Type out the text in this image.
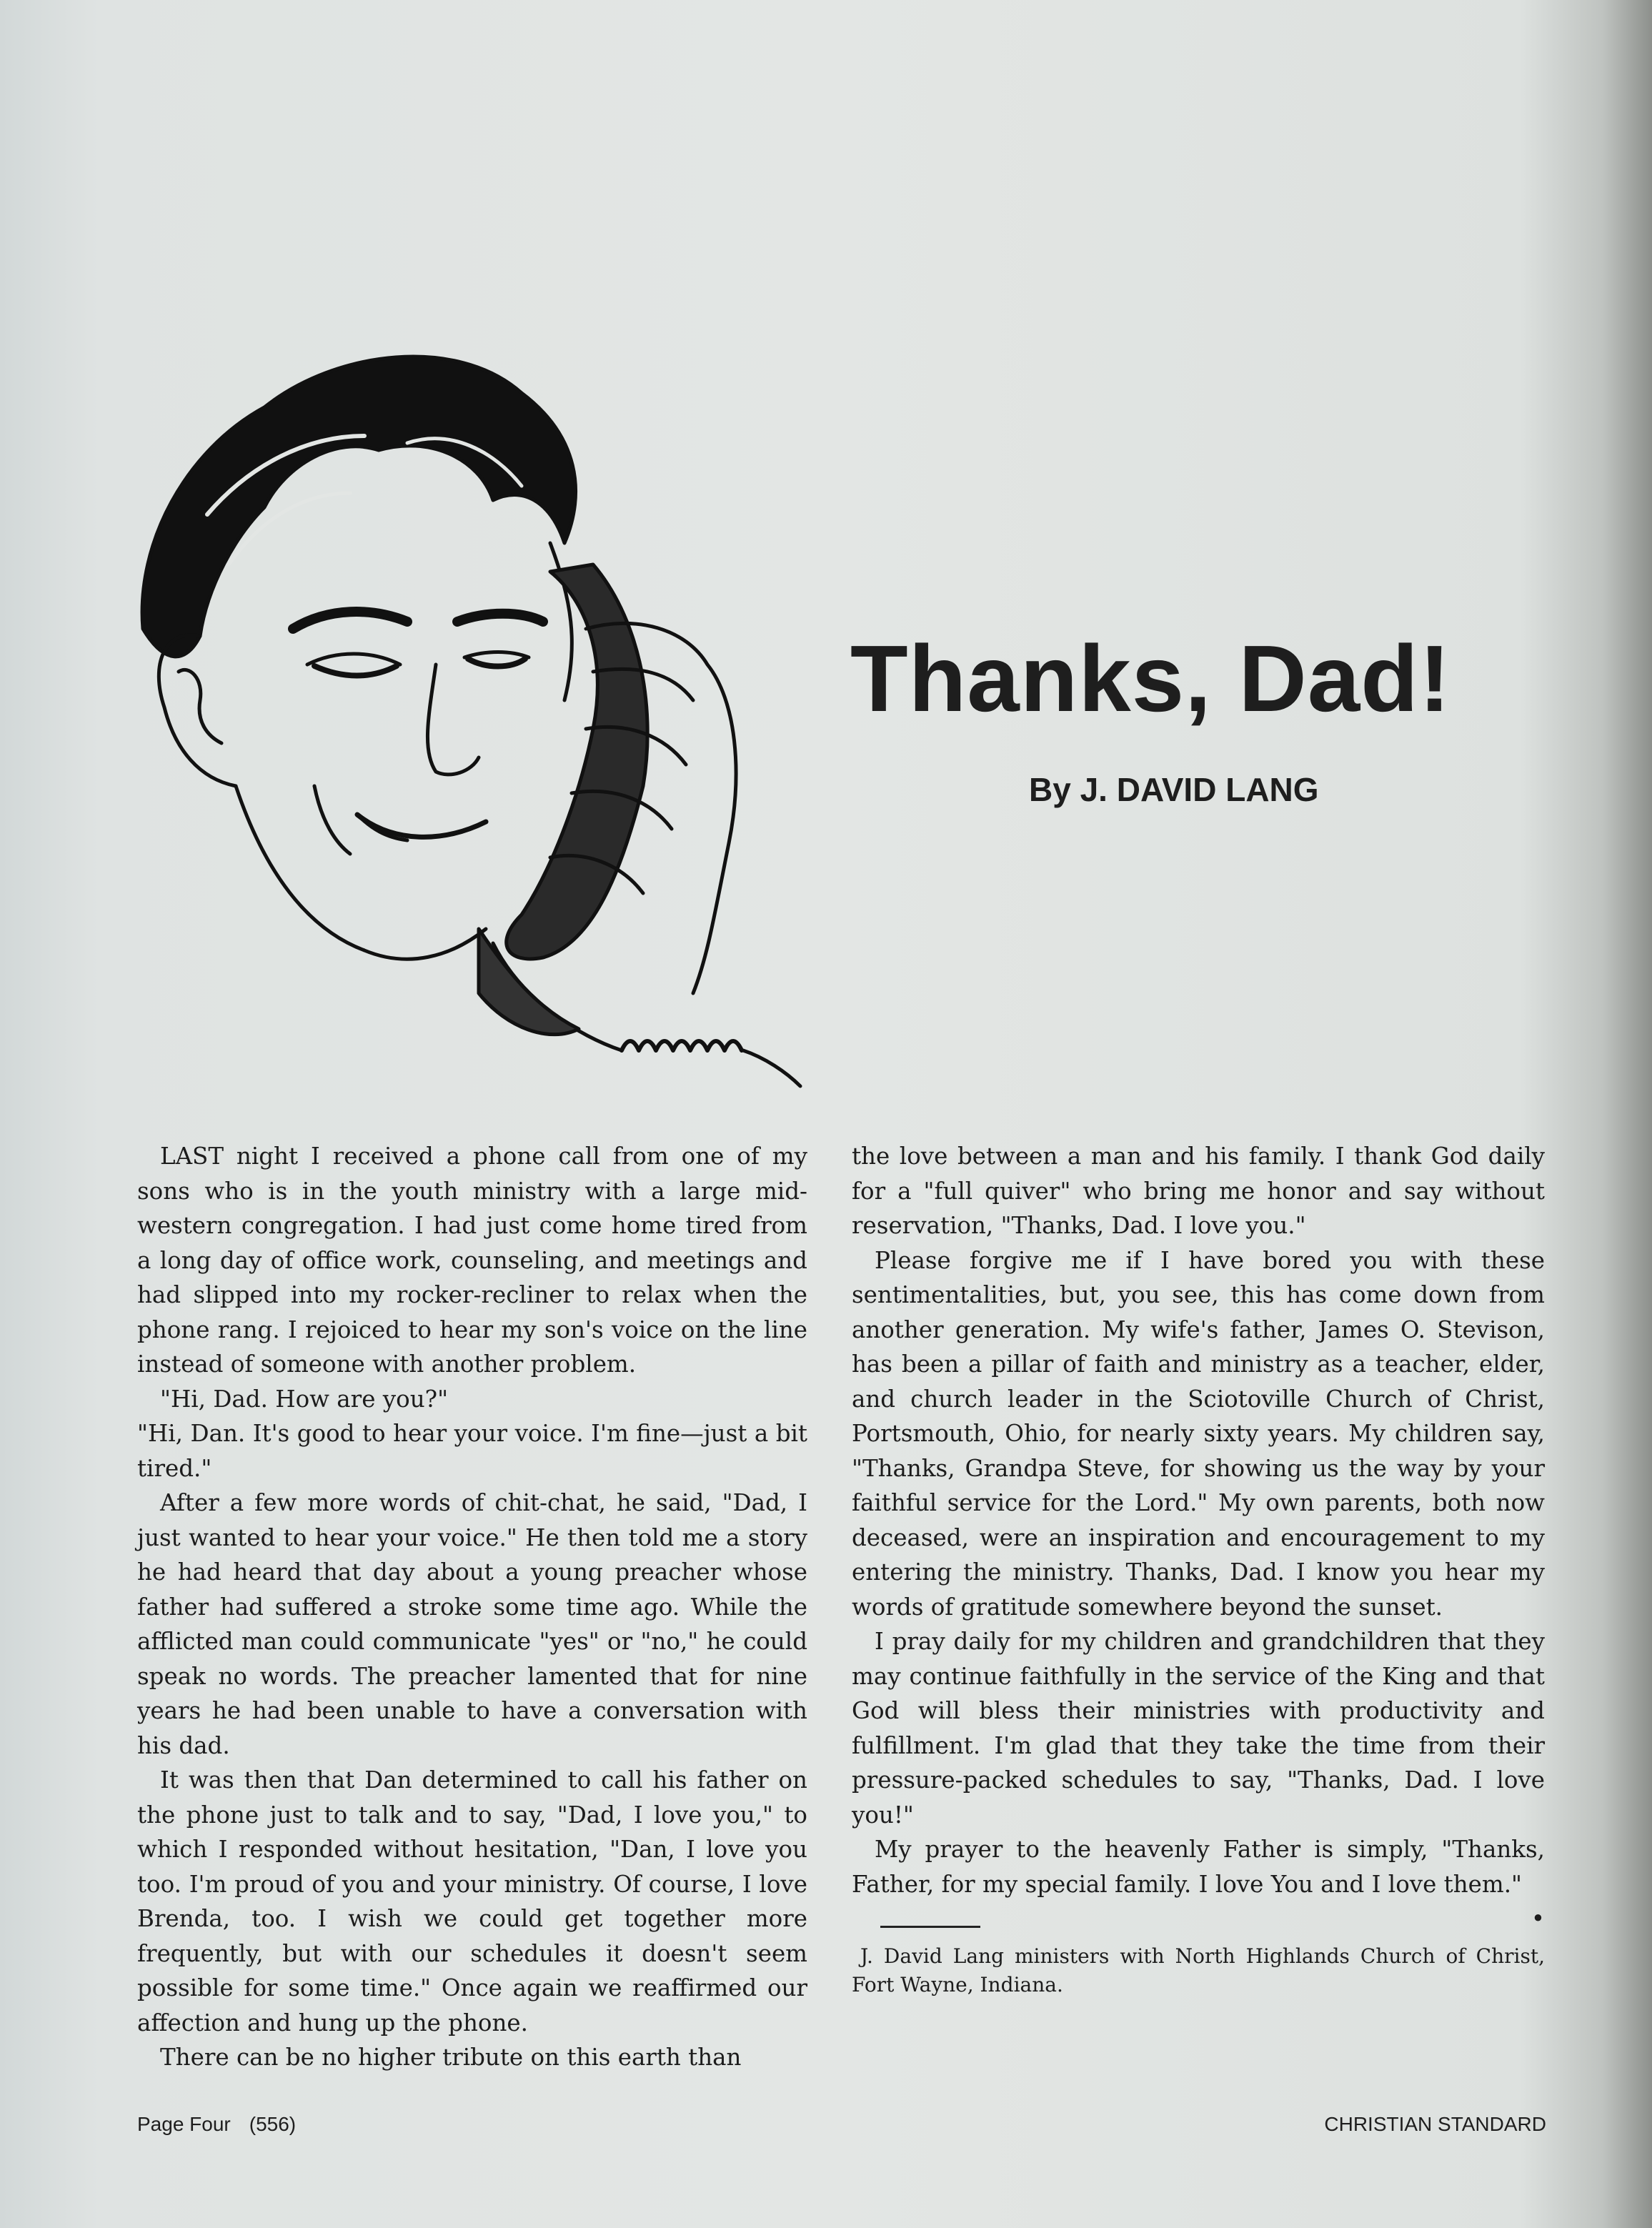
Thanks, Dad!
By J. DAVID LANG

LAST night I received a phone call from one of my sons who is in the youth ministry with a large mid-western congregation. I had just come home tired from a long day of office work, counseling, and meetings and had slipped into my rocker-recliner to relax when the phone rang. I rejoiced to hear my son's voice on the line instead of someone with another problem.

"Hi, Dad. How are you?"

"Hi, Dan. It's good to hear your voice. I'm fine—just a bit tired."

After a few more words of chit-chat, he said, "Dad, I just wanted to hear your voice." He then told me a story he had heard that day about a young preacher whose father had suffered a stroke some time ago. While the afflicted man could communicate "yes" or "no," he could speak no words. The preacher lamented that for nine years he had been unable to have a conversation with his dad.

It was then that Dan determined to call his father on the phone just to talk and to say, "Dad, I love you," to which I responded without hesitation, "Dan, I love you too. I'm proud of you and your ministry. Of course, I love Brenda, too. I wish we could get together more frequently, but with our schedules it doesn't seem possible for some time." Once again we reaffirmed our affection and hung up the phone.

There can be no higher tribute on this earth than

the love between a man and his family. I thank God daily for a "full quiver" who bring me honor and say without reservation, "Thanks, Dad. I love you."

Please forgive me if I have bored you with these sentimentalities, but, you see, this has come down from another generation. My wife's father, James O. Stevison, has been a pillar of faith and ministry as a teacher, elder, and church leader in the Sciotoville Church of Christ, Portsmouth, Ohio, for nearly sixty years. My children say, "Thanks, Grandpa Steve, for showing us the way by your faithful service for the Lord." My own parents, both now deceased, were an inspiration and encouragement to my entering the ministry. Thanks, Dad. I know you hear my words of gratitude somewhere beyond the sunset.

I pray daily for my children and grandchildren that they may continue faithfully in the service of the King and that God will bless their ministries with productivity and fulfillment. I'm glad that they take the time from their pressure-packed schedules to say, "Thanks, Dad. I love you!"

My prayer to the heavenly Father is simply, "Thanks, Father, for my special family. I love You and I love them."
•

J. David Lang ministers with North Highlands Church of Christ, Fort Wayne, Indiana.
Page Four (556)	CHRISTIAN STANDARD
